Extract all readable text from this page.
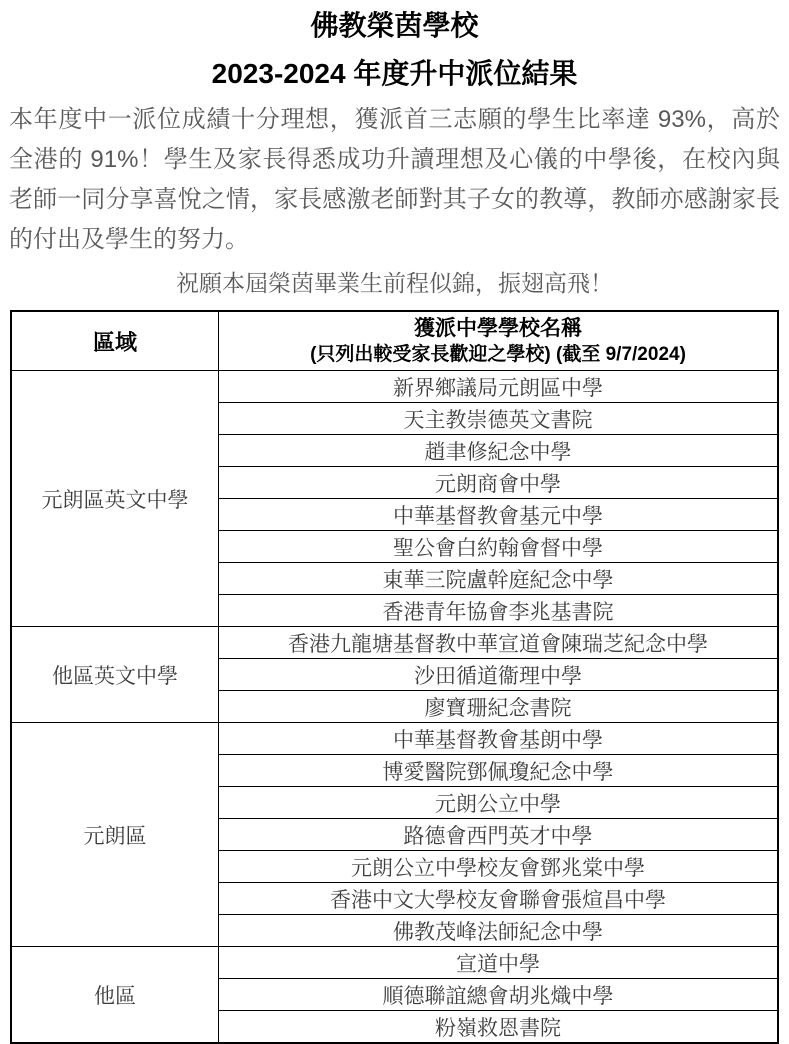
佛教榮茵學校
2023-2024 年度升中派位結果

本年度中一派位成績十分理想，獲派首三志願的學生比率達 93%，高於全港的 91%！學生及家長得悉成功升讀理想及心儀的中學後，在校內與老師一同分享喜悅之情，家長感激老師對其子女的教導，教師亦感謝家長的付出及學生的努力。

祝願本屆榮茵畢業生前程似錦，振翅高飛！

區域	獲派中學學校名稱
(只列出較受家長歡迎之學校) (截至 9/7/2024)

元朗區英文中學	新界鄉議局元朗區中學
	天主教崇德英文書院
	趙聿修紀念中學
	元朗商會中學
	中華基督教會基元中學
	聖公會白約翰會督中學
	東華三院盧幹庭紀念中學
	香港青年協會李兆基書院
他區英文中學	香港九龍塘基督教中華宣道會陳瑞芝紀念中學
	沙田循道衞理中學
	廖寶珊紀念書院
元朗區	中華基督教會基朗中學
	博愛醫院鄧佩瓊紀念中學
	元朗公立中學
	路德會西門英才中學
	元朗公立中學校友會鄧兆棠中學
	香港中文大學校友會聯會張煊昌中學
	佛教茂峰法師紀念中學
他區	宣道中學
	順德聯誼總會胡兆熾中學
	粉嶺救恩書院
